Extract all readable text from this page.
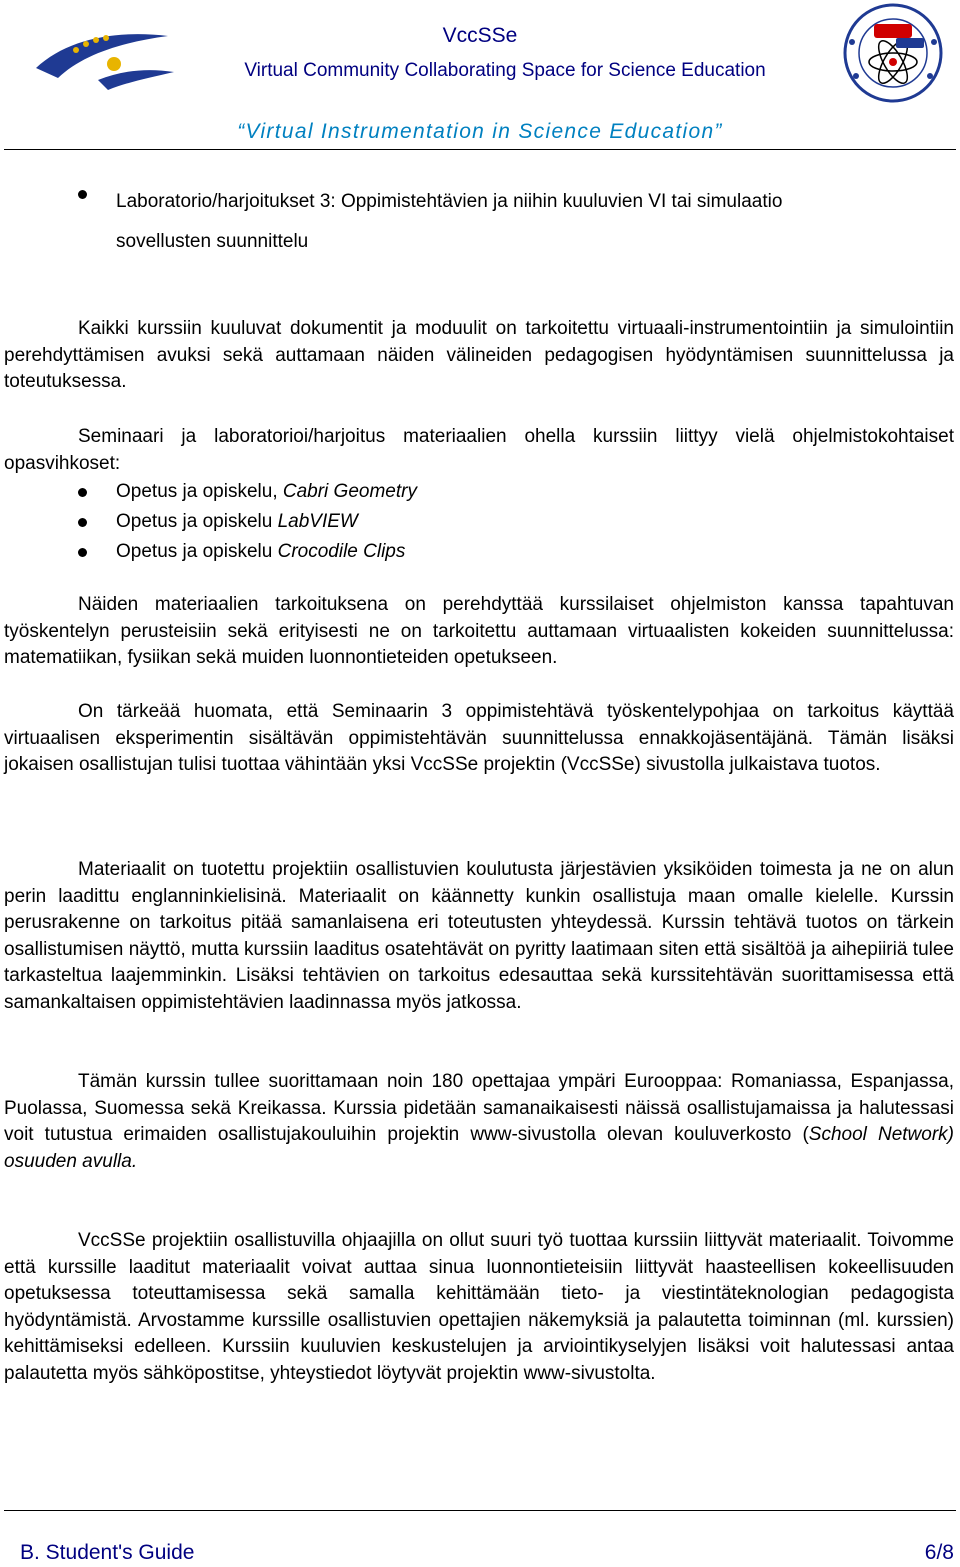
VccSSe
Virtual Community Collaborating Space for Science Education
“Virtual Instrumentation in Science Education”
Laboratorio/harjoitukset 3: Oppimistehtävien ja niihin kuuluvien VI tai simulaatio
sovellusten suunnittelu

Kaikki kurssiin kuuluvat dokumentit ja moduulit on tarkoitettu virtuaali-instrumentointiin ja simulointiin perehdyttämisen avuksi sekä auttamaan näiden välineiden pedagogisen hyödyntämisen suunnittelussa ja toteutuksessa.

Seminaari ja laboratorioi/harjoitus materiaalien ohella kurssiin liittyy vielä ohjelmistokohtaiset opasvihkoset:

Opetus ja opiskelu, Cabri Geometry
Opetus ja opiskelu LabVIEW
Opetus ja opiskelu Crocodile Clips

Näiden materiaalien tarkoituksena on perehdyttää kurssilaiset ohjelmiston kanssa tapahtuvan työskentelyn perusteisiin sekä erityisesti ne on tarkoitettu auttamaan virtuaalisten kokeiden suunnittelussa: matematiikan, fysiikan sekä muiden luonnontieteiden opetukseen.

On tärkeää huomata, että Seminaarin 3 oppimistehtävä työskentelypohjaa on tarkoitus käyttää virtuaalisen eksperimentin sisältävän oppimistehtävän suunnittelussa ennakkojäsentäjänä. Tämän lisäksi jokaisen osallistujan tulisi tuottaa vähintään yksi VccSSe projektin (VccSSe) sivustolla julkaistava tuotos.

Materiaalit on tuotettu projektiin osallistuvien koulutusta järjestävien yksiköiden toimesta ja ne on alun perin laadittu englanninkielisinä. Materiaalit on käännetty kunkin osallistuja maan omalle kielelle. Kurssin perusrakenne on tarkoitus pitää samanlaisena eri toteutusten yhteydessä. Kurssin tehtävä tuotos on tärkein osallistumisen näyttö, mutta kurssiin laaditus osatehtävät on pyritty laatimaan siten että sisältöä ja aihepiiriä tulee tarkasteltua laajemminkin. Lisäksi tehtävien on tarkoitus edesauttaa sekä kurssitehtävän suorittamisessa että samankaltaisen oppimistehtävien laadinnassa myös jatkossa.

Tämän kurssin tullee suorittamaan noin 180 opettajaa ympäri Eurooppaa: Romaniassa, Espanjassa, Puolassa, Suomessa sekä Kreikassa. Kurssia pidetään samanaikaisesti näissä osallistujamaissa ja halutessasi voit tutustua erimaiden osallistujakouluihin projektin www-sivustolla olevan kouluverkosto (School Network) osuuden avulla.

VccSSe projektiin osallistuvilla ohjaajilla on ollut suuri työ tuottaa kurssiin liittyvät materiaalit. Toivomme että kurssille laaditut materiaalit voivat auttaa sinua luonnontieteisiin liittyvät haasteellisen kokeellisuuden opetuksessa toteuttamisessa sekä samalla kehittämään tieto- ja viestintäteknologian pedagogista hyödyntämistä. Arvostamme kurssille osallistuvien opettajien näkemyksiä ja palautetta toiminnan (ml. kurssien) kehittämiseksi edelleen. Kurssiin kuuluvien keskustelujen ja arviointikyselyjen lisäksi voit halutessasi antaa palautetta myös sähköpostitse, yhteystiedot löytyvät projektin www-sivustolta.

B. Student's Guide	6/8
